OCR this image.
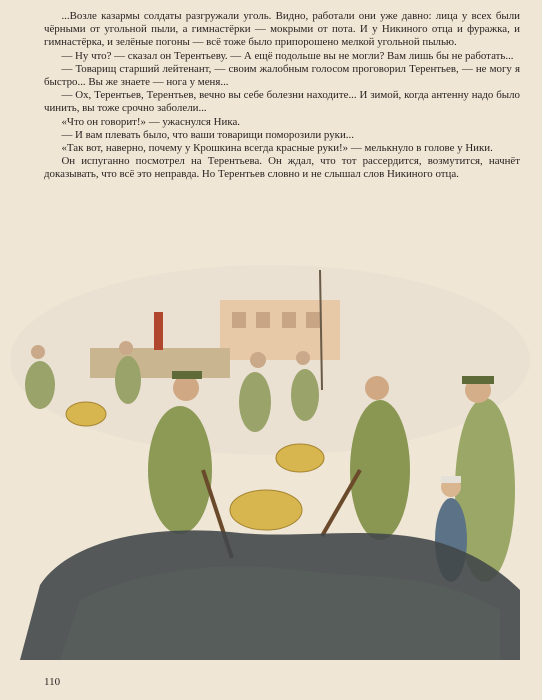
...Возле казармы солдаты разгружали уголь. Видно, работали они уже давно: лица у всех были чёрными от угольной пыли, а гимнастёрки — мокрыми от пота. И у Никиного отца и фуражка, и гимнастёрка, и зелёные погоны — всё тоже было припорошено мелкой угольной пылью.

— Ну что? — сказал он Терентьеву. — А ещё подольше вы не могли? Вам лишь бы не работать...

— Товарищ старший лейтенант, — своим жалобным голосом проговорил Терентьев, — не могу я быстро... Вы же знаете — нога у меня...

— Ох, Терентьев, Терентьев, вечно вы себе болезни находите... И зимой, когда антенну надо было чинить, вы тоже срочно заболели...

«Что он говорит!» — ужаснулся Ника.

— И вам плевать было, что ваши товарищи поморозили руки...

«Так вот, наверно, почему у Крошкина всегда красные руки!» — мелькнуло в голове у Ники.

Он испуганно посмотрел на Терентьева. Он ждал, что тот рассердится, возмутится, начнёт доказывать, что всё это неправда. Но Терентьев словно и не слышал слов Никиного отца.

110
